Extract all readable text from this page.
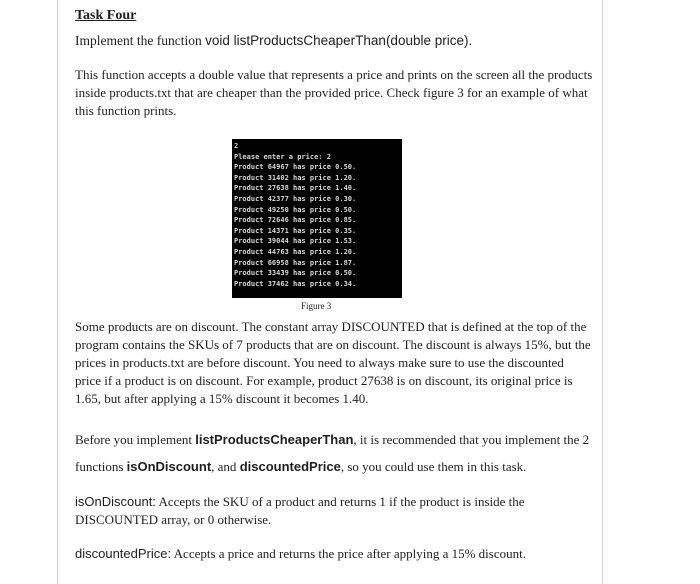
Task Four
Implement the function void listProductsCheaperThan(double price).

This function accepts a double value that represents a price and prints on the screen all the products inside products.txt that are cheaper than the provided price. Check figure 3 for an example of what this function prints.

2
Please enter a price: 2
Product 64967 has price 0.50.
Product 31402 has price 1.20.
Product 27638 has price 1.40.
Product 42377 has price 0.30.
Product 49250 has price 0.50.
Product 72646 has price 0.85.
Product 14371 has price 0.35.
Product 39044 has price 1.53.
Product 44763 has price 1.20.
Product 66958 has price 1.87.
Product 33439 has price 0.50.
Product 37462 has price 0.34.
Figure 3

Some products are on discount. The constant array DISCOUNTED that is defined at the top of the program contains the SKUs of 7 products that are on discount. The discount is always 15%, but the prices in products.txt are before discount. You need to always make sure to use the discounted price if a product is on discount. For example, product 27638 is on discount, its original price is 1.65, but after applying a 15% discount it becomes 1.40.

Before you implement listProductsCheaperThan, it is recommended that you implement the 2 functions isOnDiscount, and discountedPrice, so you could use them in this task.

isOnDiscount: Accepts the SKU of a product and returns 1 if the product is inside the DISCOUNTED array, or 0 otherwise.

discountedPrice: Accepts a price and returns the price after applying a 15% discount.
